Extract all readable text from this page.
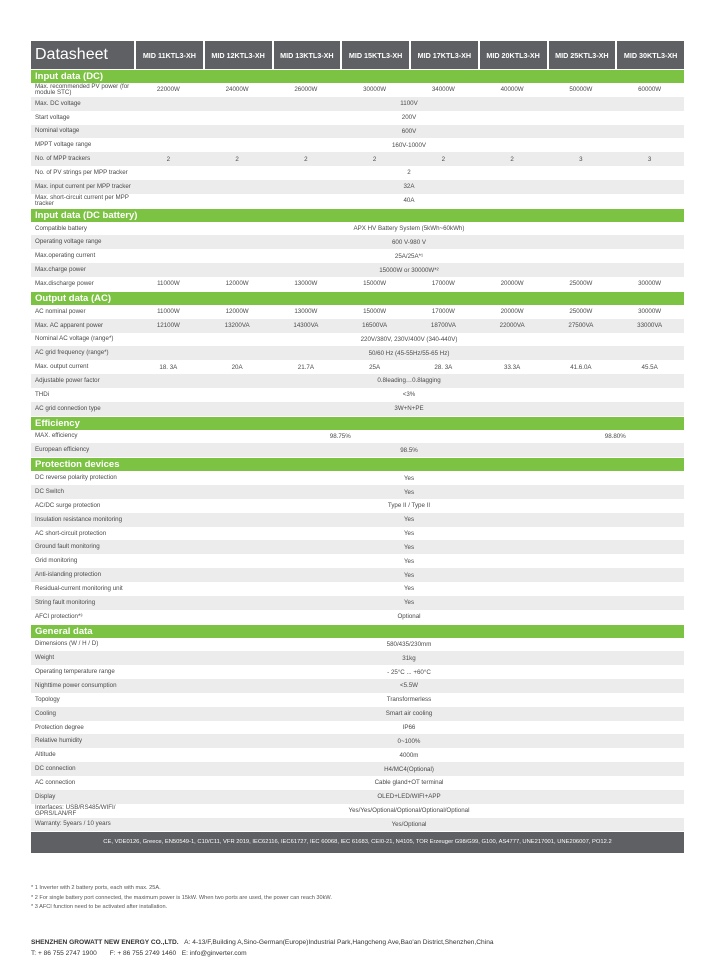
Datasheet	MID 11KTL3-XH	MID 12KTL3-XH	MID 13KTL3-XH	MID 15KTL3-XH	MID 17KTL3-XH	MID 20KTL3-XH	MID 25KTL3-XH	MID 30KTL3-XH
Input data (DC)
Max. recommended PV power (for module STC)	22000W	24000W	26000W	30000W	34000W	40000W	50000W	60000W
Max. DC voltage	1100V
Start voltage	200V
Nominal voltage	600V
MPPT voltage range	160V-1000V
No. of MPP trackers	2	2	2	2	2	2	3	3
No. of PV strings per MPP tracker	2
Max. input current per MPP tracker	32A
Max. short-circuit current per MPP tracker	40A
Input data (DC battery)
Compatible battery	APX HV Battery System (5kWh~60kWh)
Operating voltage range	600 V-980 V
Max.operating current	25A/25A*¹
Max.charge power	15000W or 30000W*²
Max.discharge power	11000W	12000W	13000W	15000W	17000W	20000W	25000W	30000W
Output data (AC)
AC nominal power	11000W	12000W	13000W	15000W	17000W	20000W	25000W	30000W
Max. AC apparent power	12100W	13200VA	14300VA	16500VA	18700VA	22000VA	27500VA	33000VA
Nominal AC voltage (range*)	220V/380V, 230V/400V (340-440V)
AC grid frequency (range*)	50/60 Hz (45-55Hz/55-65 Hz)
Max. output current	18. 3A	20A	21.7A	25A	28. 3A	33.3A	41.6.0A	45.5A
Adjustable power factor	0.8leading…0.8lagging
THDi	<3%
AC grid connection type	3W+N+PE
Efficiency
MAX. efficiency	98.75%	98.80%
European efficiency	98.5%
Protection devices
DC reverse polarity protection	Yes
DC Switch	Yes
AC/DC surge protection	Type II / Type II
Insulation resistance monitoring	Yes
AC short-circuit protection	Yes
Ground fault monitoring	Yes
Grid monitoring	Yes
Anti-islanding protection	Yes
Residual-current monitoring unit	Yes
String fault monitoring	Yes
AFCI protection*³	Optional
General data
Dimensions (W / H / D)	580/435/230mm
Weight	31kg
Operating temperature range	- 25°C ... +60°C
Nighttime power consumption	<5.5W
Topology	Transformerless
Cooling	Smart air cooling
Protection degree	IP66
Relative humidity	0~100%
Altitude	4000m
DC connection	H4/MC4(Optional)
AC connection	Cable gland+OT terminal
Display	OLED+LED/WIFI+APP
Interfaces: USB/RS485/WIFI/ GPRS/LAN/RF	Yes/Yes/Optional/Optional/Optional/Optional
Warranty: 5years / 10 years	Yes/Optional
CE, VDE0126, Greece, EN50549-1, C10/C11, VFR 2019, IEC62116, IEC61727, IEC 60068, IEC 61683, CEI0-21, N4105, TOR Erzeuger G98/G99, G100, AS4777, UNE217001, UNE206007, PO12.2
* 1 Inverter with 2 battery ports, each with max. 25A.
* 2 For single battery port connected, the maximum power is 15kW. When two ports are used, the power can reach 30kW.
* 3 AFCI function need to be activated after installation.
SHENZHEN GROWATT NEW ENERGY CO.,LTD. A: 4-13/F,Building A,Sino-German(Europe)Industrial Park,Hangcheng Ave,Bao'an District,Shenzhen,China
T: + 86 755 2747 1900 F: + 86 755 2749 1460 E: info@ginverter.com
